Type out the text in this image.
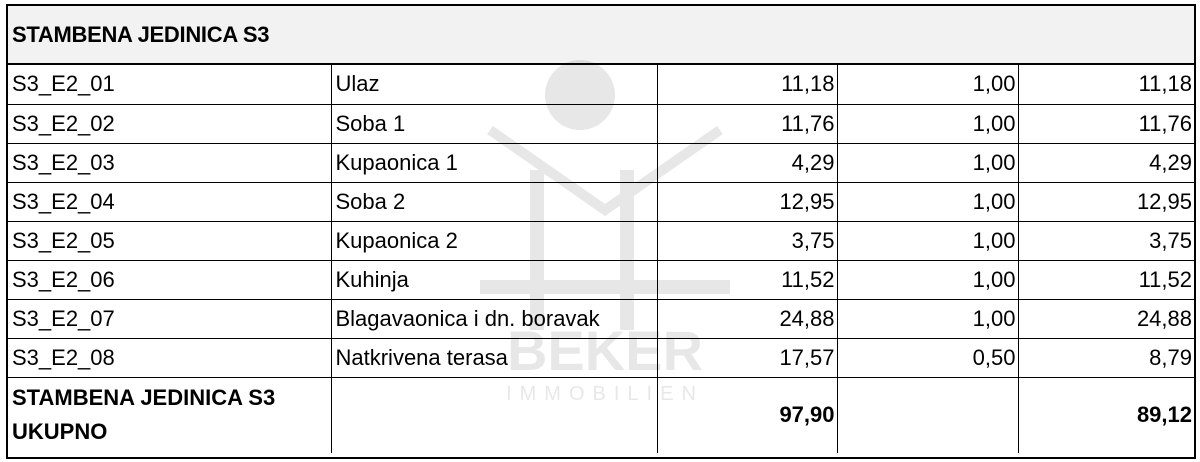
STAMBENA JEDINICA S3
S3_E2_01	Ulaz	11,18	1,00	11,18
S3_E2_02	Soba 1	11,76	1,00	11,76
S3_E2_03	Kupaonica 1	4,29	1,00	4,29
S3_E2_04	Soba 2	12,95	1,00	12,95
S3_E2_05	Kupaonica 2	3,75	1,00	3,75
S3_E2_06	Kuhinja	11,52	1,00	11,52
S3_E2_07	Blagavaonica i dn. boravak	24,88	1,00	24,88
S3_E2_08	Natkrivena terasa	17,57	0,50	8,79
STAMBENA JEDINICA S3
UKUPNO		97,90		89,12
BEKER
IMMOBILIEN
